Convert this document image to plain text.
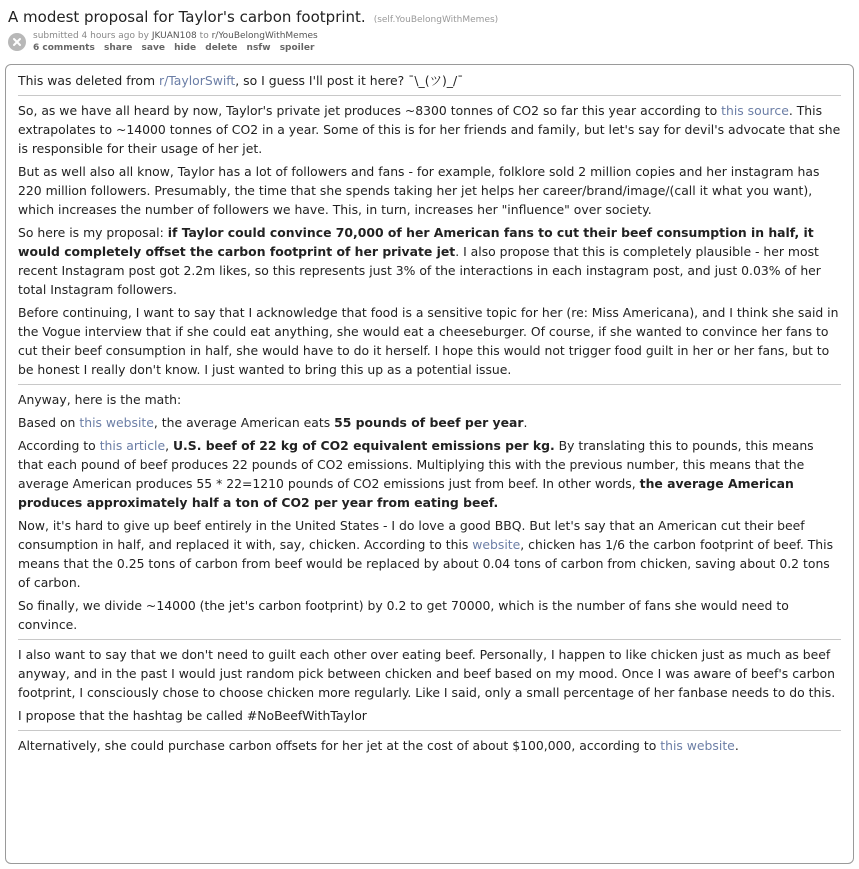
A modest proposal for Taylor's carbon footprint. (self.YouBelongWithMemes)
submitted 4 hours ago by JKUAN108 to r/YouBelongWithMemes
6 comments share save hide delete nsfw spoiler

This was deleted from r/TaylorSwift, so I guess I'll post it here? ¯\_(ツ)_/¯

So, as we have all heard by now, Taylor's private jet produces ~8300 tonnes of CO2 so far this year according to this source. This extrapolates to ~14000 tonnes of CO2 in a year. Some of this is for her friends and family, but let's say for devil's advocate that she is responsible for their usage of her jet.

But as well also all know, Taylor has a lot of followers and fans - for example, folklore sold 2 million copies and her instagram has 220 million followers. Presumably, the time that she spends taking her jet helps her career/brand/image/(call it what you want), which increases the number of followers we have. This, in turn, increases her "influence" over society.

So here is my proposal: if Taylor could convince 70,000 of her American fans to cut their beef consumption in half, it would completely offset the carbon footprint of her private jet. I also propose that this is completely plausible - her most recent Instagram post got 2.2m likes, so this represents just 3% of the interactions in each instagram post, and just 0.03% of her total Instagram followers.

Before continuing, I want to say that I acknowledge that food is a sensitive topic for her (re: Miss Americana), and I think she said in the Vogue interview that if she could eat anything, she would eat a cheeseburger. Of course, if she wanted to convince her fans to cut their beef consumption in half, she would have to do it herself. I hope this would not trigger food guilt in her or her fans, but to be honest I really don't know. I just wanted to bring this up as a potential issue.

Anyway, here is the math:

Based on this website, the average American eats 55 pounds of beef per year.

According to this article, U.S. beef of 22 kg of CO2 equivalent emissions per kg. By translating this to pounds, this means that each pound of beef produces 22 pounds of CO2 emissions. Multiplying this with the previous number, this means that the average American produces 55 * 22=1210 pounds of CO2 emissions just from beef. In other words, the average American produces approximately half a ton of CO2 per year from eating beef.

Now, it's hard to give up beef entirely in the United States - I do love a good BBQ. But let's say that an American cut their beef consumption in half, and replaced it with, say, chicken. According to this website, chicken has 1/6 the carbon footprint of beef. This means that the 0.25 tons of carbon from beef would be replaced by about 0.04 tons of carbon from chicken, saving about 0.2 tons of carbon.

So finally, we divide ~14000 (the jet's carbon footprint) by 0.2 to get 70000, which is the number of fans she would need to convince.

I also want to say that we don't need to guilt each other over eating beef. Personally, I happen to like chicken just as much as beef anyway, and in the past I would just random pick between chicken and beef based on my mood. Once I was aware of beef's carbon footprint, I consciously chose to choose chicken more regularly. Like I said, only a small percentage of her fanbase needs to do this.

I propose that the hashtag be called #NoBeefWithTaylor

Alternatively, she could purchase carbon offsets for her jet at the cost of about $100,000, according to this website.
